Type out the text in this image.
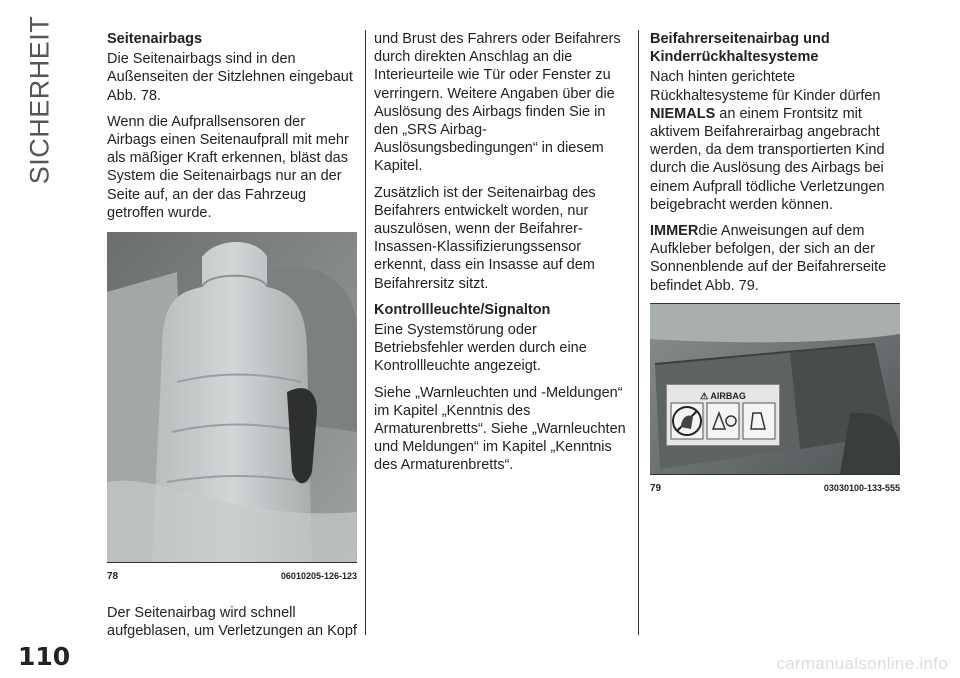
SICHERHEIT
110
Seitenairbags

Die Seitenairbags sind in den Außenseiten der Sitzlehnen eingebaut Abb. 78.

Wenn die Aufprallsensoren der Airbags einen Seitenaufprall mit mehr als mäßiger Kraft erkennen, bläst das System die Seitenairbags nur an der Seite auf, an der das Fahrzeug getroffen wurde.

78	06010205-126-123

Der Seitenairbag wird schnell aufgeblasen, um Verletzungen an Kopf

und Brust des Fahrers oder Beifahrers durch direkten Anschlag an die Interieurteile wie Tür oder Fenster zu verringern. Weitere Angaben über die Auslösung des Airbags finden Sie in den „SRS Airbag-Auslösungsbedingungen“ in diesem Kapitel.

Zusätzlich ist der Seitenairbag des Beifahrers entwickelt worden, nur auszulösen, wenn der Beifahrer-Insassen-Klassifizierungssensor erkennt, dass ein Insasse auf dem Beifahrersitz sitzt.

Kontrollleuchte/Signalton

Eine Systemstörung oder Betriebsfehler werden durch eine Kontrollleuchte angezeigt.

Siehe „Warnleuchten und -Meldungen“ im Kapitel „Kenntnis des Armaturenbretts“. Siehe „Warnleuchten und Meldungen“ im Kapitel „Kenntnis des Armaturenbretts“.

Beifahrerseitenairbag und Kinderrückhaltesysteme

Nach hinten gerichtete Rückhaltesysteme für Kinder dürfen NIEMALS an einem Frontsitz mit aktivem Beifahrerairbag angebracht werden, da dem transportierten Kind durch die Auslösung des Airbags bei einem Aufprall tödliche Verletzungen beigebracht werden können.

IMMERdie Anweisungen auf dem Aufkleber befolgen, der sich an der Sonnenblende auf der Beifahrerseite befindet Abb. 79.

⚠ AIRBAG
79	03030100-133-555
carmanualsonline.info
